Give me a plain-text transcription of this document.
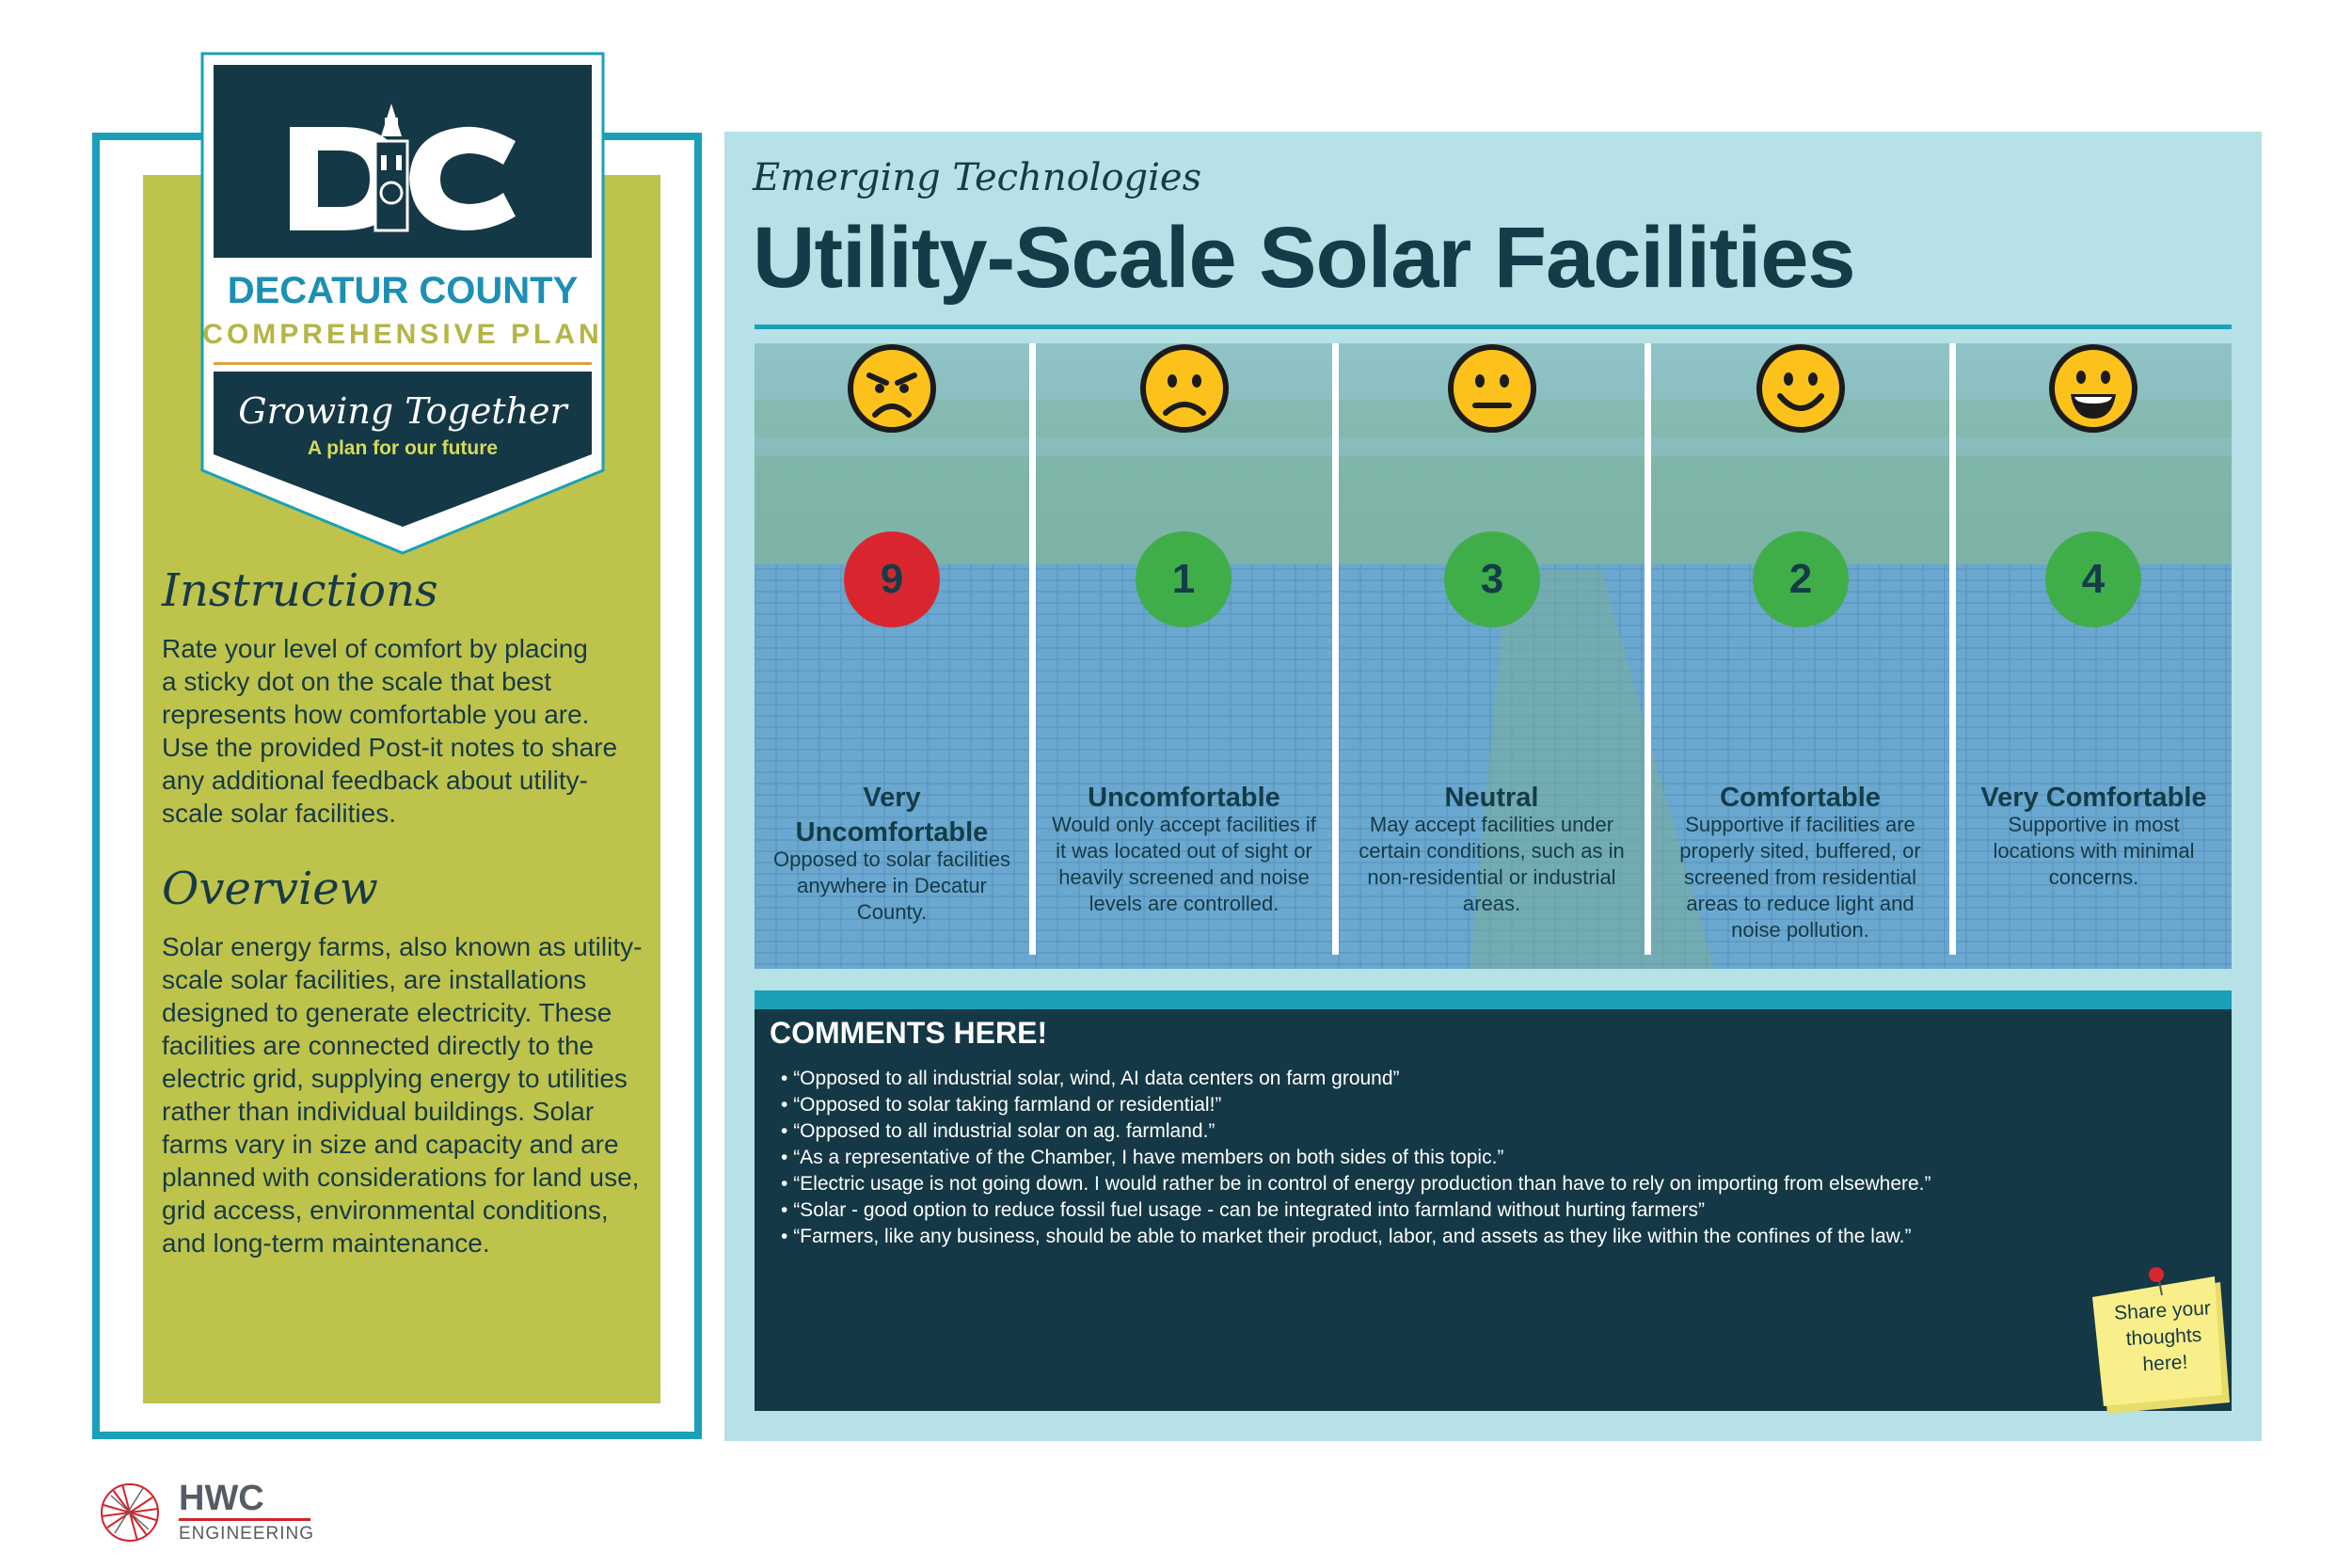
DECATUR COUNTY
COMPREHENSIVE PLAN
Growing Together
A plan for our future
Instructions
Rate your level of comfort by placing
a sticky dot on the scale that best
represents how comfortable you are.
Use the provided Post-it notes to share
any additional feedback about utility-
scale solar facilities.
Overview
Solar energy farms, also known as utility-
scale solar facilities, are installations
designed to generate electricity. These
facilities are connected directly to the
electric grid, supplying energy to utilities
rather than individual buildings. Solar
farms vary in size and capacity and are
planned with considerations for land use,
grid access, environmental conditions,
and long-term maintenance.
Emerging Technologies
Utility-Scale Solar Facilities
9
Very
Uncomfortable
Opposed to solar facilities
anywhere in Decatur
County.
1
Uncomfortable
Would only accept facilities if
it was located out of sight or
heavily screened and noise
levels are controlled.
3
Neutral
May accept facilities under
certain conditions, such as in
non-residential or industrial
areas.
2
Comfortable
Supportive if facilities are
properly sited, buffered, or
screened from residential
areas to reduce light and
noise pollution.
4
Very Comfortable
Supportive in most
locations with minimal
concerns.
COMMENTS HERE!
• “Opposed to all industrial solar, wind, AI data centers on farm ground”
• “Opposed to solar taking farmland or residential!”
• “Opposed to all industrial solar on ag. farmland.”
• “As a representative of the Chamber, I have members on both sides of this topic.”
• “Electric usage is not going down. I would rather be in control of energy production than have to rely on importing from elsewhere.”
• “Solar - good option to reduce fossil fuel usage - can be integrated into farmland without hurting farmers”
• “Farmers, like any business, should be able to market their product, labor, and assets as they like within the confines of the law.”
Share your
thoughts
here!
HWC
ENGINEERING
